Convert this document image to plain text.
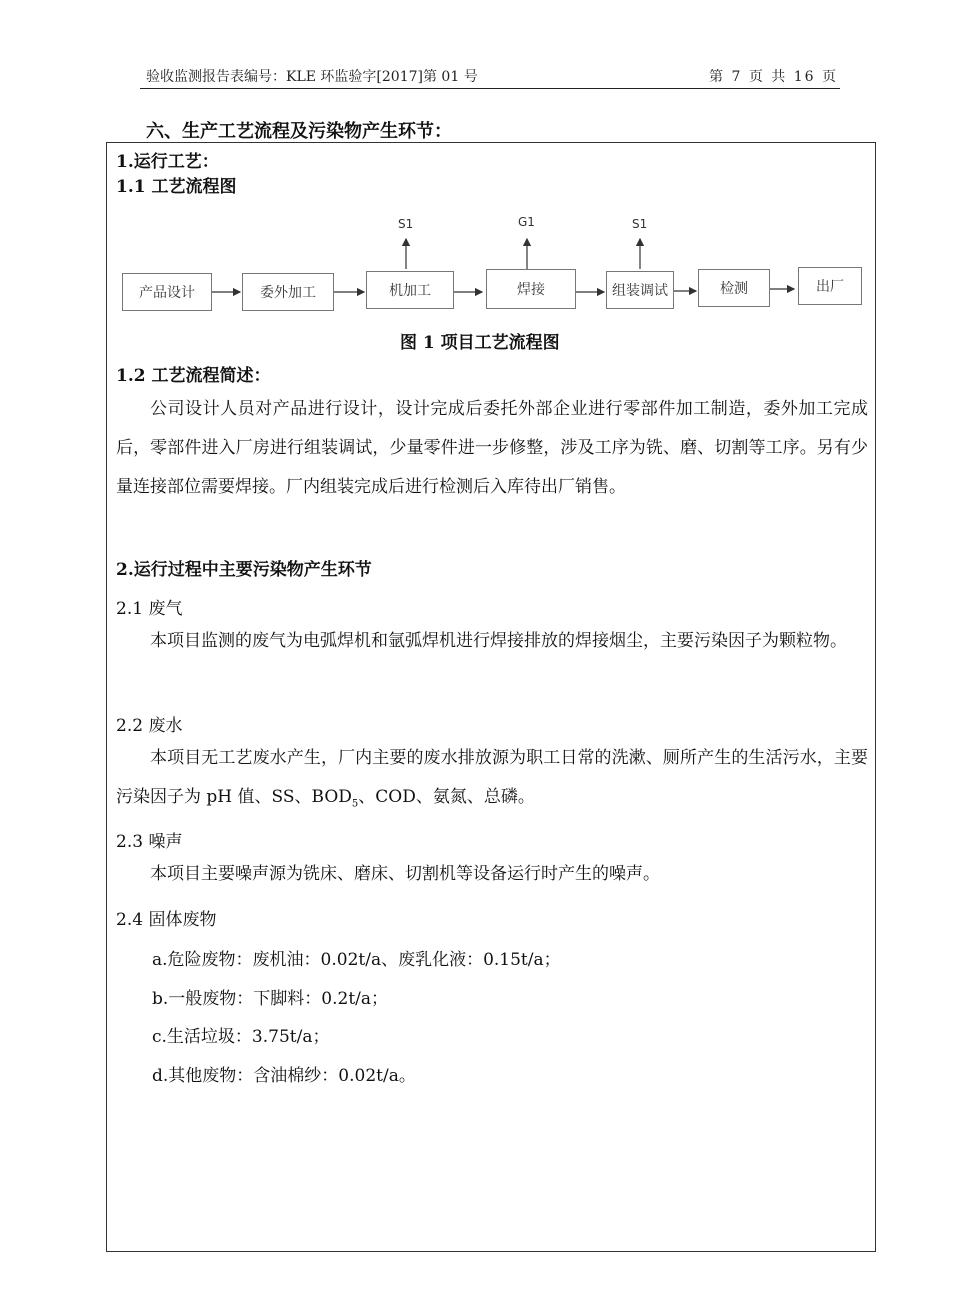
验收监测报告表编号：KLE 环监验字[2017]第 01 号	第 7 页 共 16 页
六、生产工艺流程及污染物产生环节：
1.运行工艺：
1.1 工艺流程图
S1	G1	S1
产品设计	委外加工	机加工	焊接	组装调试	检测	出厂
图 1 项目工艺流程图
1.2 工艺流程简述：
公司设计人员对产品进行设计，设计完成后委托外部企业进行零部件加工制造，委外加工完成后，零部件进入厂房进行组装调试，少量零件进一步修整，涉及工序为铣、磨、切割等工序。另有少量连接部位需要焊接。厂内组装完成后进行检测后入库待出厂销售。
2.运行过程中主要污染物产生环节
2.1 废气
本项目监测的废气为电弧焊机和氩弧焊机进行焊接排放的焊接烟尘，主要污染因子为颗粒物。
2.2 废水
本项目无工艺废水产生，厂内主要的废水排放源为职工日常的洗漱、厕所产生的生活污水，主要污染因子为 pH 值、SS、$BOD_5$、COD、氨氮、总磷。
2.3 噪声
本项目主要噪声源为铣床、磨床、切割机等设备运行时产生的噪声。
2.4 固体废物
a.危险废物：废机油：0.02t/a、废乳化液：0.15t/a；
b.一般废物：下脚料：0.2t/a；
c.生活垃圾：3.75t/a；
d.其他废物：含油棉纱：0.02t/a。
